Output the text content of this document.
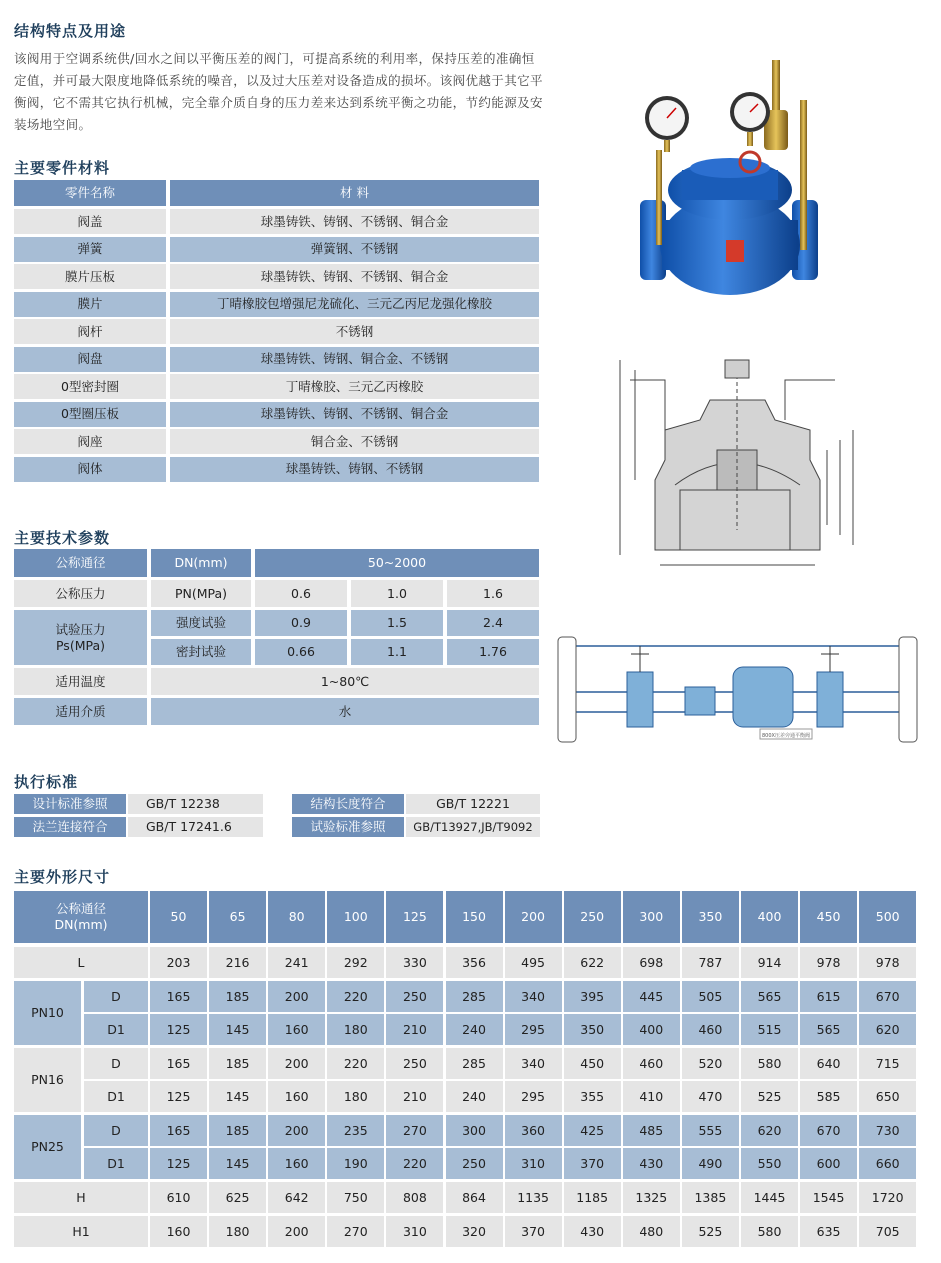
结构特点及用途
该阀用于空调系统供/回水之间以平衡压差的阀门，可提高系统的利用率，保持压差的准确恒定值，并可最大限度地降低系统的噪音，以及过大压差对设备造成的损坏。该阀优越于其它平衡阀，它不需其它执行机械，完全靠介质自身的压力差来达到系统平衡之功能，节约能源及安装场地空间。
主要零件材料
零件名称	材 料
阀盖	球墨铸铁、铸钢、不锈钢、铜合金
弹簧	弹簧钢、不锈钢
膜片压板	球墨铸铁、铸钢、不锈钢、铜合金
膜片	丁晴橡胶包增强尼龙硫化、三元乙丙尼龙强化橡胶
阀杆	不锈钢
阀盘	球墨铸铁、铸钢、铜合金、不锈钢
0型密封圈	丁晴橡胶、三元乙丙橡胶
0型圈压板	球墨铸铁、铸钢、不锈钢、铜合金
阀座	铜合金、不锈钢
阀体	球墨铸铁、铸钢、不锈钢
主要技术参数
公称通径	DN(mm)	50~2000
公称压力	PN(MPa)	0.6	1.0	1.6
试验压力
Ps(MPa)
强度试验	0.9	1.5	2.4
密封试验	0.66	1.1	1.76
适用温度	1~80℃
适用介质	水
执行标准
设计标准参照	GB/T 12238	结构长度符合	GB/T 12221
法兰连接符合	GB/T 17241.6	试验标准参照	GB/T13927,JB/T9092
主要外形尺寸
公称通径
DN(mm)
50	65	80	100	125	150	200	250	300	350	400	450	500
L	203	216	241	292	330	356	495	622	698	787	914	978	978
PN10
D	165	185	200	220	250	285	340	395	445	505	565	615	670
D1	125	145	160	180	210	240	295	350	400	460	515	565	620
PN16
D	165	185	200	220	250	285	340	450	460	520	580	640	715
D1	125	145	160	180	210	240	295	355	410	470	525	585	650
PN25
D	165	185	200	235	270	300	360	425	485	555	620	670	730
D1	125	145	160	190	220	250	310	370	430	490	550	600	660
H	610	625	642	750	808	864	1135	1185	1325	1385	1445	1545	1720
H1	160	180	200	270	310	320	370	430	480	525	580	635	705
800X压差旁通平衡阀
